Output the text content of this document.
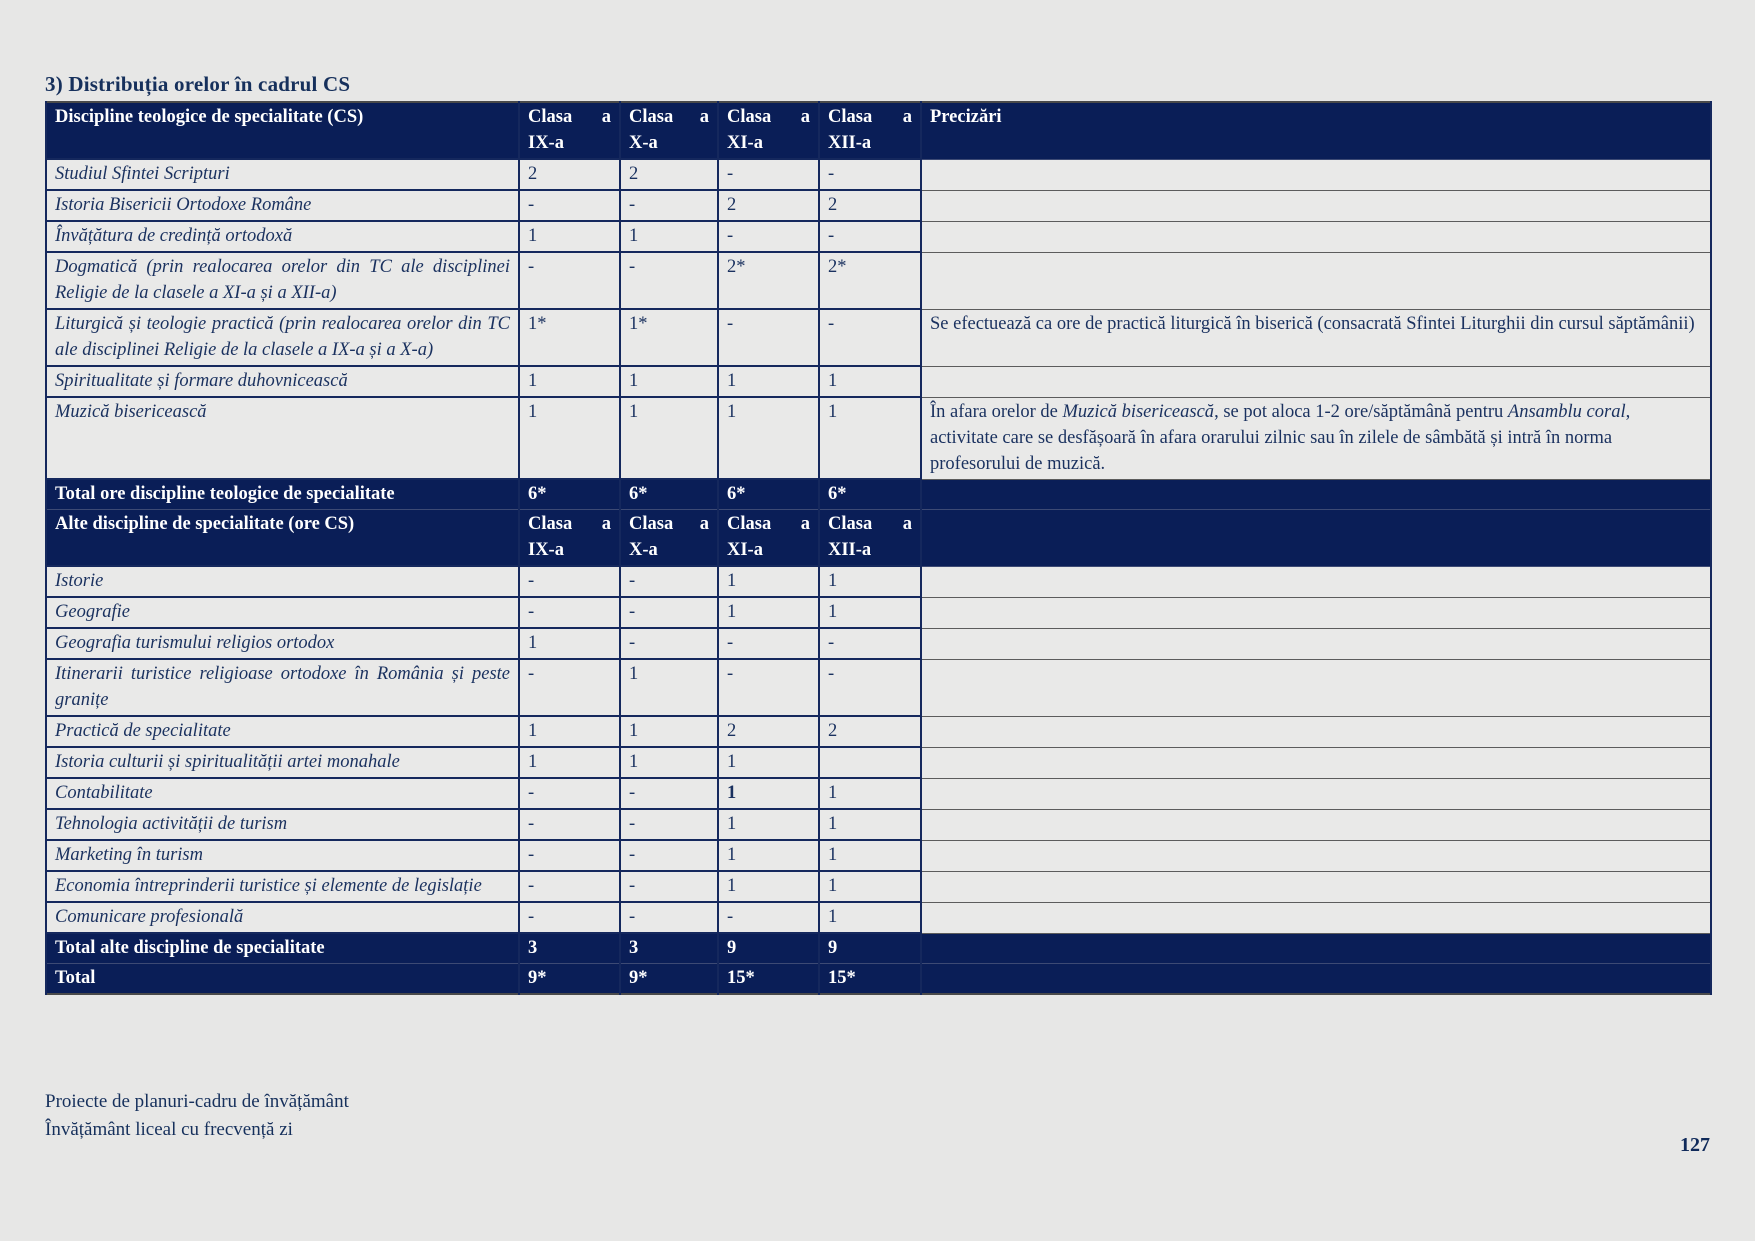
3) Distribuția orelor în cadrul CS
Discipline teologice de specialitate (CS)	Clasa a IX-a	Clasa a X-a	Clasa a XI-a	Clasa a XII-a	Precizări
Studiul Sfintei Scripturi	2	2	-	-	
Istoria Bisericii Ortodoxe Române	-	-	2	2	
Învățătura de credință ortodoxă	1	1	-	-	
Dogmatică (prin realocarea orelor din TC ale disciplinei Religie de la clasele a XI-a și a XII-a)	-	-	2*	2*	
Liturgică și teologie practică (prin realocarea orelor din TC ale disciplinei Religie de la clasele a IX-a și a X-a)	1*	1*	-	-	Se efectuează ca ore de practică liturgică în biserică (consacrată Sfintei Liturghii din cursul săptămânii)
Spiritualitate și formare duhovnicească	1	1	1	1	
Muzică bisericească	1	1	1	1	În afara orelor de Muzică bisericească, se pot aloca 1-2 ore/săptămână pentru Ansamblu coral, activitate care se desfășoară în afara orarului zilnic sau în zilele de sâmbătă și intră în norma profesorului de muzică.
Total ore discipline teologice de specialitate	6*	6*	6*	6*	
Alte discipline de specialitate (ore CS)	Clasa a IX-a	Clasa a X-a	Clasa a XI-a	Clasa a XII-a	
Istorie	-	-	1	1	
Geografie	-	-	1	1	
Geografia turismului religios ortodox	1	-	-	-	
Itinerarii turistice religioase ortodoxe în România și peste granițe	-	1	-	-	
Practică de specialitate	1	1	2	2	
Istoria culturii și spiritualității artei monahale	1	1	1		
Contabilitate	-	-	1	1	
Tehnologia activității de turism	-	-	1	1	
Marketing în turism	-	-	1	1	
Economia întreprinderii turistice și elemente de legislație	-	-	1	1	
Comunicare profesională	-	-	-	1	
Total alte discipline de specialitate	3	3	9	9	
Total	9*	9*	15*	15*	
Proiecte de planuri-cadru de învățământ
Învățământ liceal cu frecvență zi
127
